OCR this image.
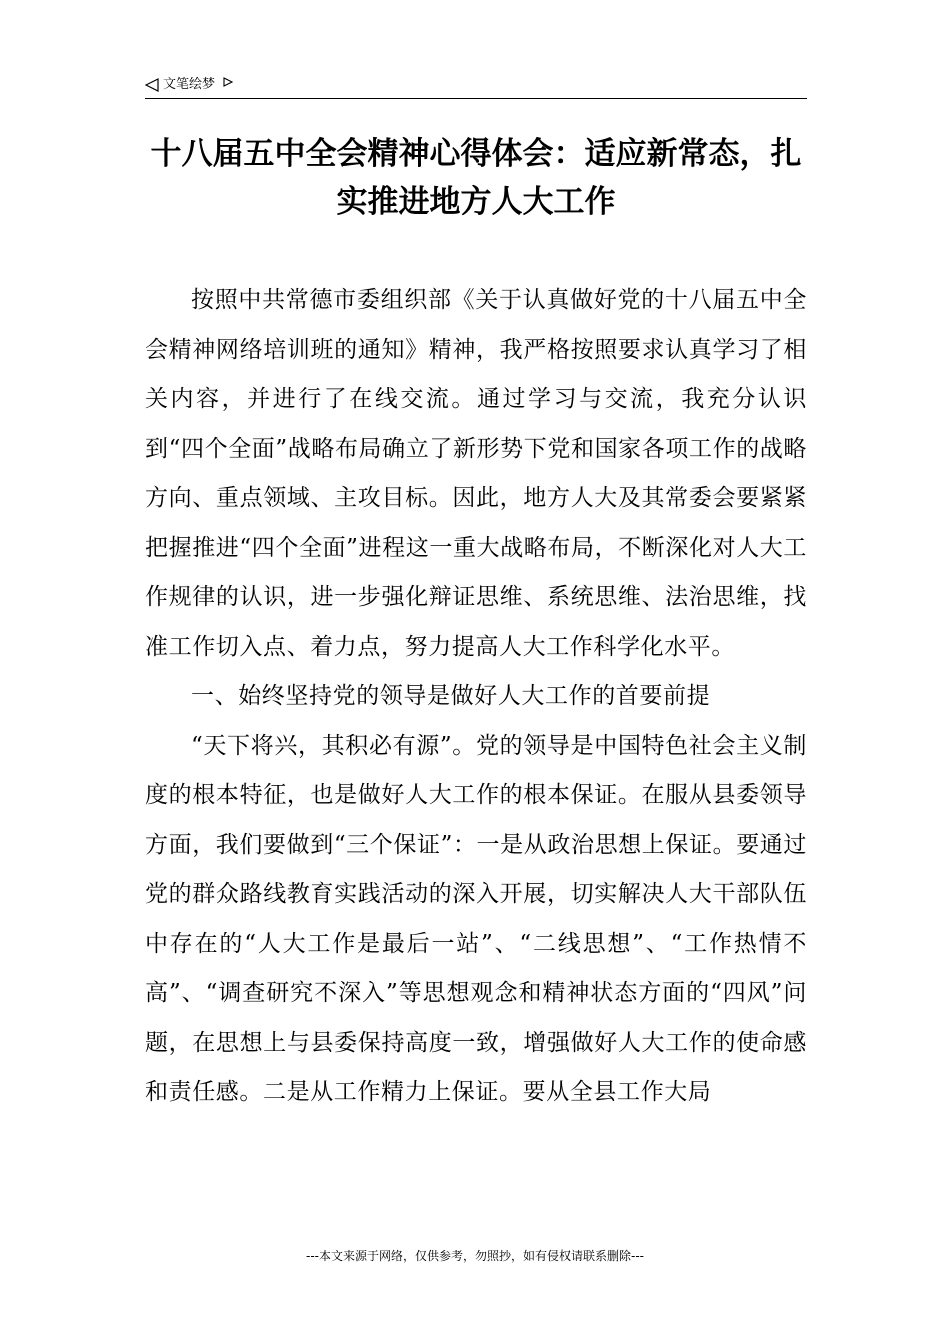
文笔绘梦
十八届五中全会精神心得体会：适应新常态，扎实推进地方人大工作

按照中共常德市委组织部《关于认真做好党的十八届五中全会精神网络培训班的通知》精神，我严格按照要求认真学习了相关内容，并进行了在线交流。通过学习与交流，我充分认识到“四个全面”战略布局确立了新形势下党和国家各项工作的战略方向、重点领域、主攻目标。因此，地方人大及其常委会要紧紧把握推进“四个全面”进程这一重大战略布局，不断深化对人大工作规律的认识，进一步强化辩证思维、系统思维、法治思维，找准工作切入点、着力点，努力提高人大工作科学化水平。

一、始终坚持党的领导是做好人大工作的首要前提

“天下将兴，其积必有源”。党的领导是中国特色社会主义制度的根本特征，也是做好人大工作的根本保证。在服从县委领导方面，我们要做到“三个保证”：一是从政治思想上保证。要通过党的群众路线教育实践活动的深入开展，切实解决人大干部队伍中存在的“人大工作是最后一站”、“二线思想”、“工作热情不高”、“调查研究不深入”等思想观念和精神状态方面的“四风”问题，在思想上与县委保持高度一致，增强做好人大工作的使命感和责任感。二是从工作精力上保证。要从全县工作大局

---本文来源于网络，仅供参考，勿照抄，如有侵权请联系删除---
